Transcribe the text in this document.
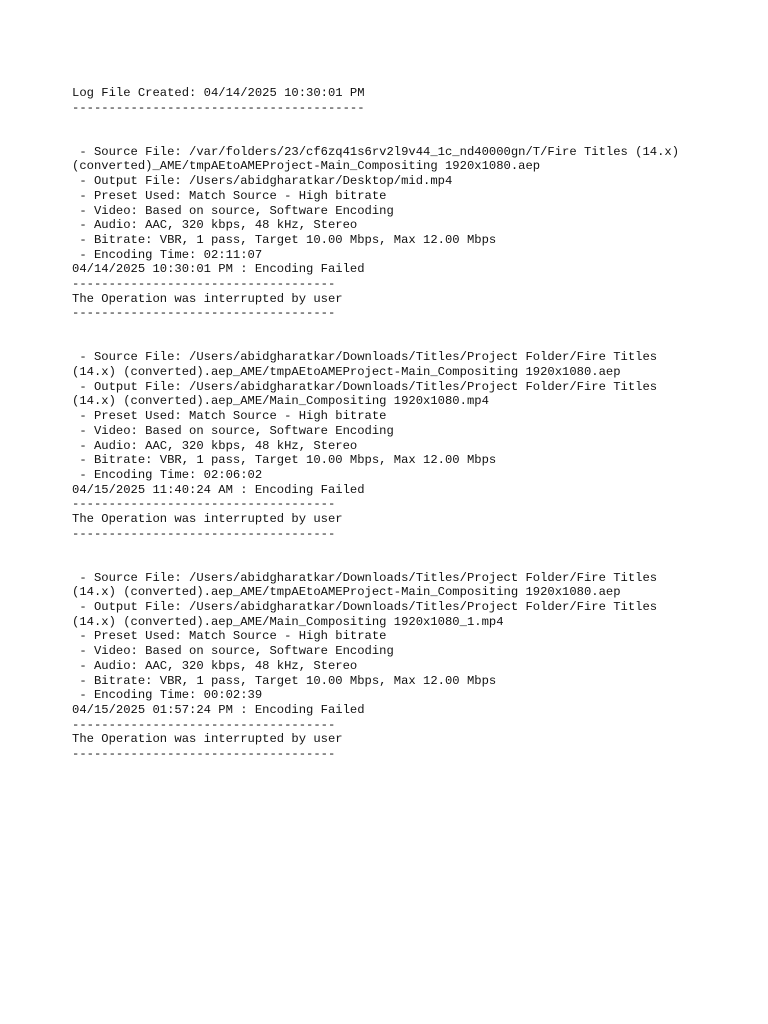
Log File Created: 04/14/2025 10:30:01 PM
----------------------------------------
- Source File: /var/folders/23/cf6zq41s6rv2l9v44_1c_nd40000gn/T/Fire Titles (14.x)
(converted)_AME/tmpAEtoAMEProject-Main_Compositing 1920x1080.aep
- Output File: /Users/abidgharatkar/Desktop/mid.mp4
- Preset Used: Match Source - High bitrate
- Video: Based on source, Software Encoding
- Audio: AAC, 320 kbps, 48 kHz, Stereo
- Bitrate: VBR, 1 pass, Target 10.00 Mbps, Max 12.00 Mbps
- Encoding Time: 02:11:07
04/14/2025 10:30:01 PM : Encoding Failed
------------------------------------
The Operation was interrupted by user
------------------------------------
- Source File: /Users/abidgharatkar/Downloads/Titles/Project Folder/Fire Titles
(14.x) (converted).aep_AME/tmpAEtoAMEProject-Main_Compositing 1920x1080.aep
- Output File: /Users/abidgharatkar/Downloads/Titles/Project Folder/Fire Titles
(14.x) (converted).aep_AME/Main_Compositing 1920x1080.mp4
- Preset Used: Match Source - High bitrate
- Video: Based on source, Software Encoding
- Audio: AAC, 320 kbps, 48 kHz, Stereo
- Bitrate: VBR, 1 pass, Target 10.00 Mbps, Max 12.00 Mbps
- Encoding Time: 02:06:02
04/15/2025 11:40:24 AM : Encoding Failed
------------------------------------
The Operation was interrupted by user
------------------------------------
- Source File: /Users/abidgharatkar/Downloads/Titles/Project Folder/Fire Titles
(14.x) (converted).aep_AME/tmpAEtoAMEProject-Main_Compositing 1920x1080.aep
- Output File: /Users/abidgharatkar/Downloads/Titles/Project Folder/Fire Titles
(14.x) (converted).aep_AME/Main_Compositing 1920x1080_1.mp4
- Preset Used: Match Source - High bitrate
- Video: Based on source, Software Encoding
- Audio: AAC, 320 kbps, 48 kHz, Stereo
- Bitrate: VBR, 1 pass, Target 10.00 Mbps, Max 12.00 Mbps
- Encoding Time: 00:02:39
04/15/2025 01:57:24 PM : Encoding Failed
------------------------------------
The Operation was interrupted by user
------------------------------------
